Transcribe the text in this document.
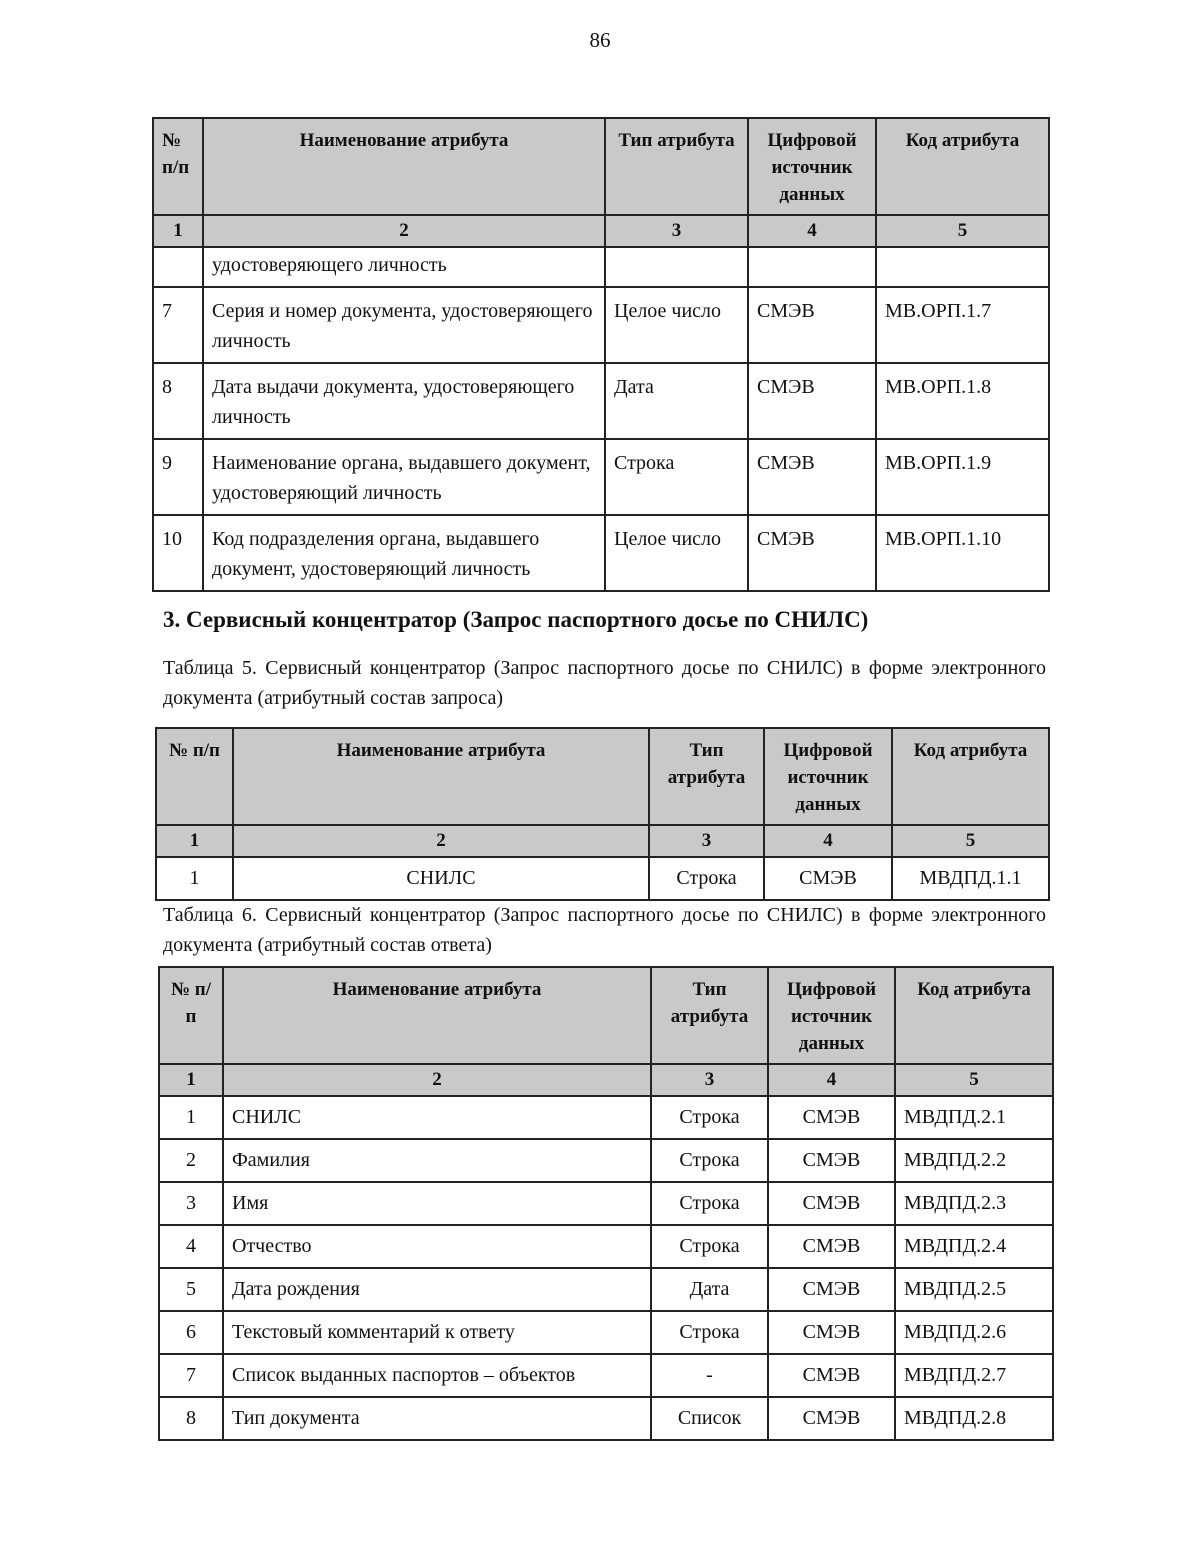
86
№ п/п	Наименование атрибута	Тип атрибута	Цифровой источник данных	Код атрибута
1	2	3	4	5
	удостоверяющего личность			
7	Серия и номер документа, удостоверяющего личность	Целое число	СМЭВ	МВ.ОРП.1.7
8	Дата выдачи документа, удостоверяющего личность	Дата	СМЭВ	МВ.ОРП.1.8
9	Наименование органа, выдавшего документ, удостоверяющий личность	Строка	СМЭВ	МВ.ОРП.1.9
10	Код подразделения органа, выдавшего документ, удостоверяющий личность	Целое число	СМЭВ	МВ.ОРП.1.10
3. Сервисный концентратор (Запрос паспортного досье по СНИЛС)
Таблица 5. Сервисный концентратор (Запрос паспортного досье по СНИЛС) в форме электронного документа (атрибутный состав запроса)
№ п/п	Наименование атрибута	Тип атрибута	Цифровой источник данных	Код атрибута
1	2	3	4	5
1	СНИЛС	Строка	СМЭВ	МВДПД.1.1
Таблица 6. Сервисный концентратор (Запрос паспортного досье по СНИЛС) в форме электронного документа (атрибутный состав ответа)
№ п/п	Наименование атрибута	Тип атрибута	Цифровой источник данных	Код атрибута
1	2	3	4	5
1	СНИЛС	Строка	СМЭВ	МВДПД.2.1
2	Фамилия	Строка	СМЭВ	МВДПД.2.2
3	Имя	Строка	СМЭВ	МВДПД.2.3
4	Отчество	Строка	СМЭВ	МВДПД.2.4
5	Дата рождения	Дата	СМЭВ	МВДПД.2.5
6	Текстовый комментарий к ответу	Строка	СМЭВ	МВДПД.2.6
7	Список выданных паспортов – объектов	-	СМЭВ	МВДПД.2.7
8	Тип документа	Список	СМЭВ	МВДПД.2.8
